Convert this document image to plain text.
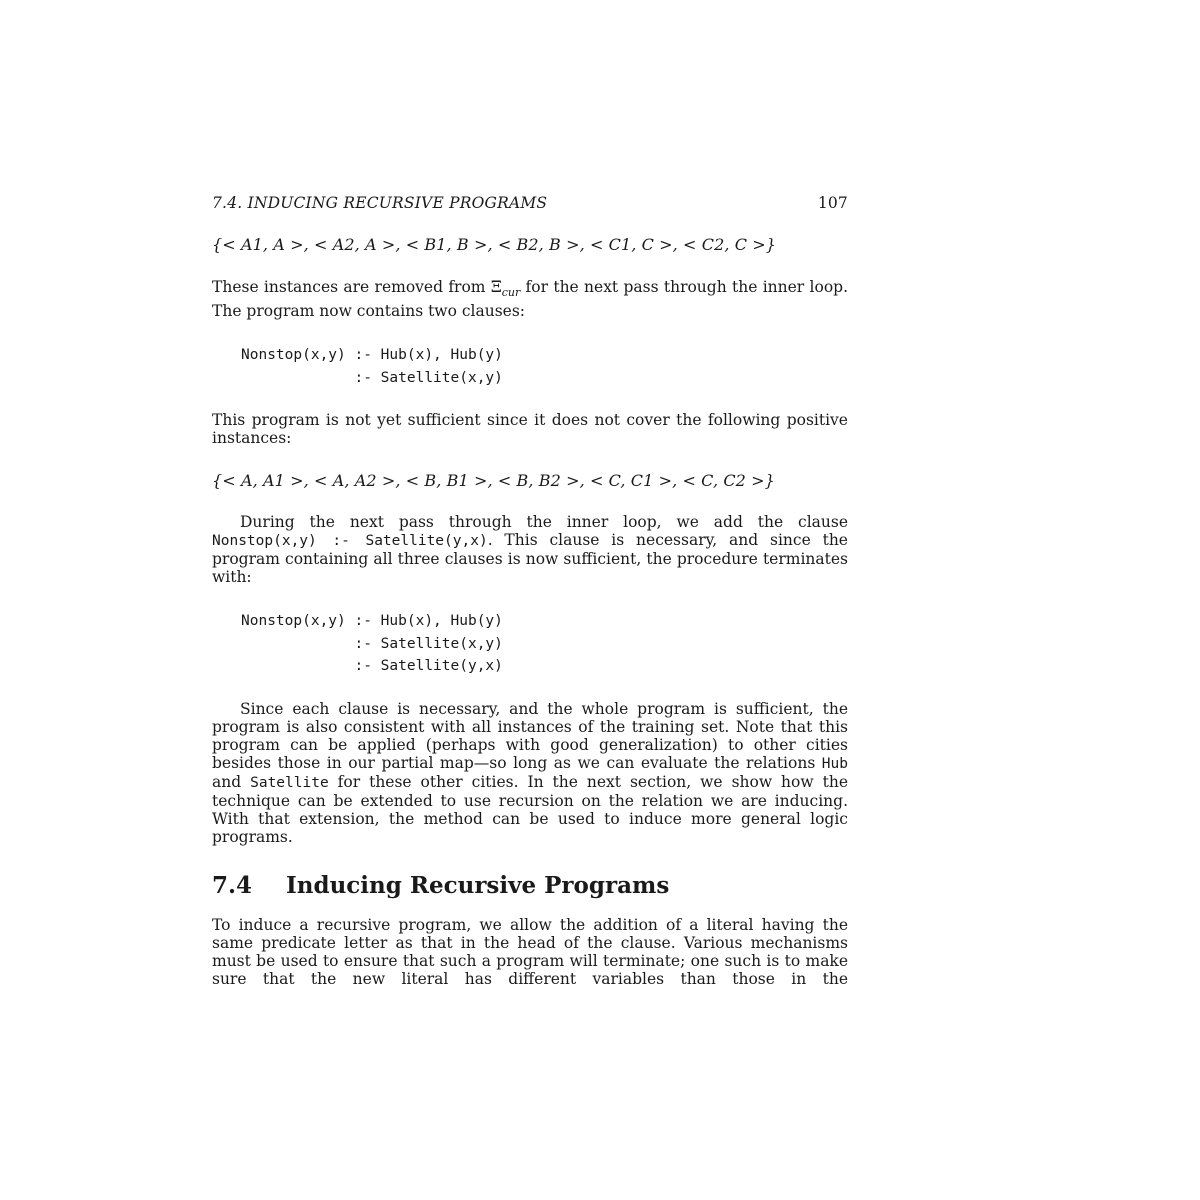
7.4. INDUCING RECURSIVE PROGRAMS	107
{< A1, A >, < A2, A >, < B1, B >, < B2, B >, < C1, C >, < C2, C >}

These instances are removed from $\Xi_{cur}$ for the next pass through the inner loop. The program now contains two clauses:

Nonstop(x,y) :- Hub(x), Hub(y)
:- Satellite(x,y)

This program is not yet sufficient since it does not cover the following positive instances:

{< A, A1 >, < A, A2 >, < B, B1 >, < B, B2 >, < C, C1 >, < C, C2 >}

During the next pass through the inner loop, we add the clause Nonstop(x,y) :- Satellite(y,x). This clause is necessary, and since the program containing all three clauses is now sufficient, the procedure terminates with:

Nonstop(x,y) :- Hub(x), Hub(y)
:- Satellite(x,y)
:- Satellite(y,x)

Since each clause is necessary, and the whole program is sufficient, the program is also consistent with all instances of the training set. Note that this program can be applied (perhaps with good generalization) to other cities besides those in our partial map—so long as we can evaluate the relations Hub and Satellite for these other cities. In the next section, we show how the technique can be extended to use recursion on the relation we are inducing. With that extension, the method can be used to induce more general logic programs.

7.4 Inducing Recursive Programs

To induce a recursive program, we allow the addition of a literal having the same predicate letter as that in the head of the clause. Various mechanisms must be used to ensure that such a program will terminate; one such is to make sure that the new literal has different variables than those in the
